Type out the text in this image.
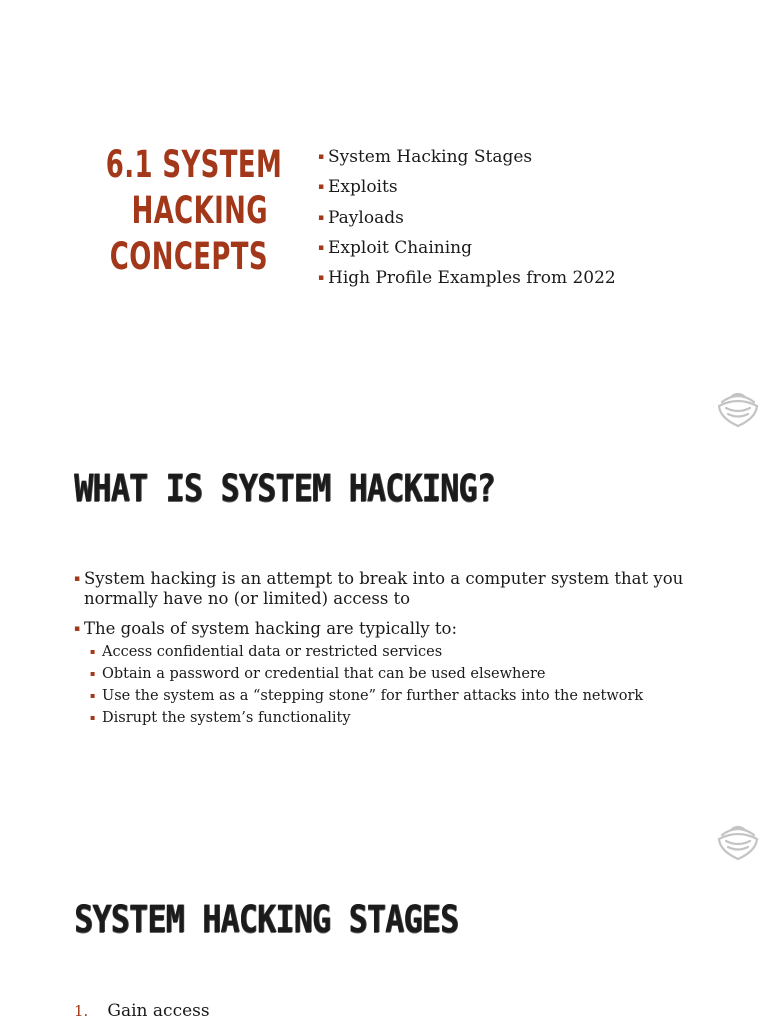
6.1 SYSTEM
HACKING
CONCEPTS
▪ System Hacking Stages
▪ Exploits
▪ Payloads
▪ Exploit Chaining
▪ High Profile Examples from 2022
WHAT IS SYSTEM HACKING?
▪ System hacking is an attempt to break into a computer system that you normally have no (or limited) access to
▪ The goals of system hacking are typically to:
▪ Access confidential data or restricted services
▪ Obtain a password or credential that can be used elsewhere
▪ Use the system as a “stepping stone” for further attacks into the network
▪ Disrupt the system’s functionality
SYSTEM HACKING STAGES
1. Gain access
